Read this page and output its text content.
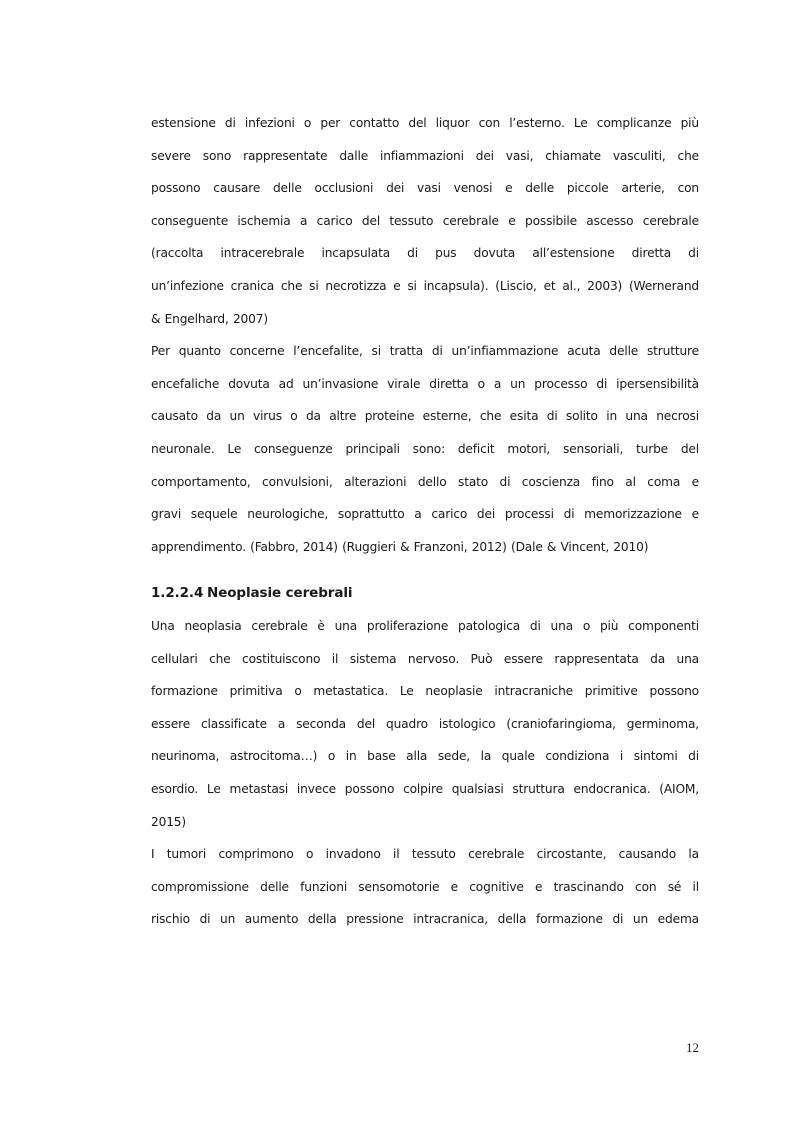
estensione di infezioni o per contatto del liquor con l’esterno. Le complicanze più
severe sono rappresentate dalle infiammazioni dei vasi, chiamate vasculiti, che
possono causare delle occlusioni dei vasi venosi e delle piccole arterie, con
conseguente ischemia a carico del tessuto cerebrale e possibile ascesso cerebrale
(raccolta intracerebrale incapsulata di pus dovuta all’estensione diretta di
un’infezione cranica che si necrotizza e si incapsula). (Liscio, et al., 2003) (Wernerand
& Engelhard, 2007)
Per quanto concerne l’encefalite, si tratta di un’infiammazione acuta delle strutture
encefaliche dovuta ad un’invasione virale diretta o a un processo di ipersensibilità
causato da un virus o da altre proteine esterne, che esita di solito in una necrosi
neuronale. Le conseguenze principali sono: deficit motori, sensoriali, turbe del
comportamento, convulsioni, alterazioni dello stato di coscienza fino al coma e
gravi sequele neurologiche, soprattutto a carico dei processi di memorizzazione e
apprendimento. (Fabbro, 2014) (Ruggieri & Franzoni, 2012) (Dale & Vincent, 2010)
1.2.2.4 Neoplasie cerebrali
Una neoplasia cerebrale è una proliferazione patologica di una o più componenti
cellulari che costituiscono il sistema nervoso. Può essere rappresentata da una
formazione primitiva o metastatica. Le neoplasie intracraniche primitive possono
essere classificate a seconda del quadro istologico (craniofaringioma, germinoma,
neurinoma, astrocitoma…) o in base alla sede, la quale condiziona i sintomi di
esordio. Le metastasi invece possono colpire qualsiasi struttura endocranica. (AIOM,
2015)
I tumori comprimono o invadono il tessuto cerebrale circostante, causando la
compromissione delle funzioni sensomotorie e cognitive e trascinando con sé il
rischio di un aumento della pressione intracranica, della formazione di un edema
12
